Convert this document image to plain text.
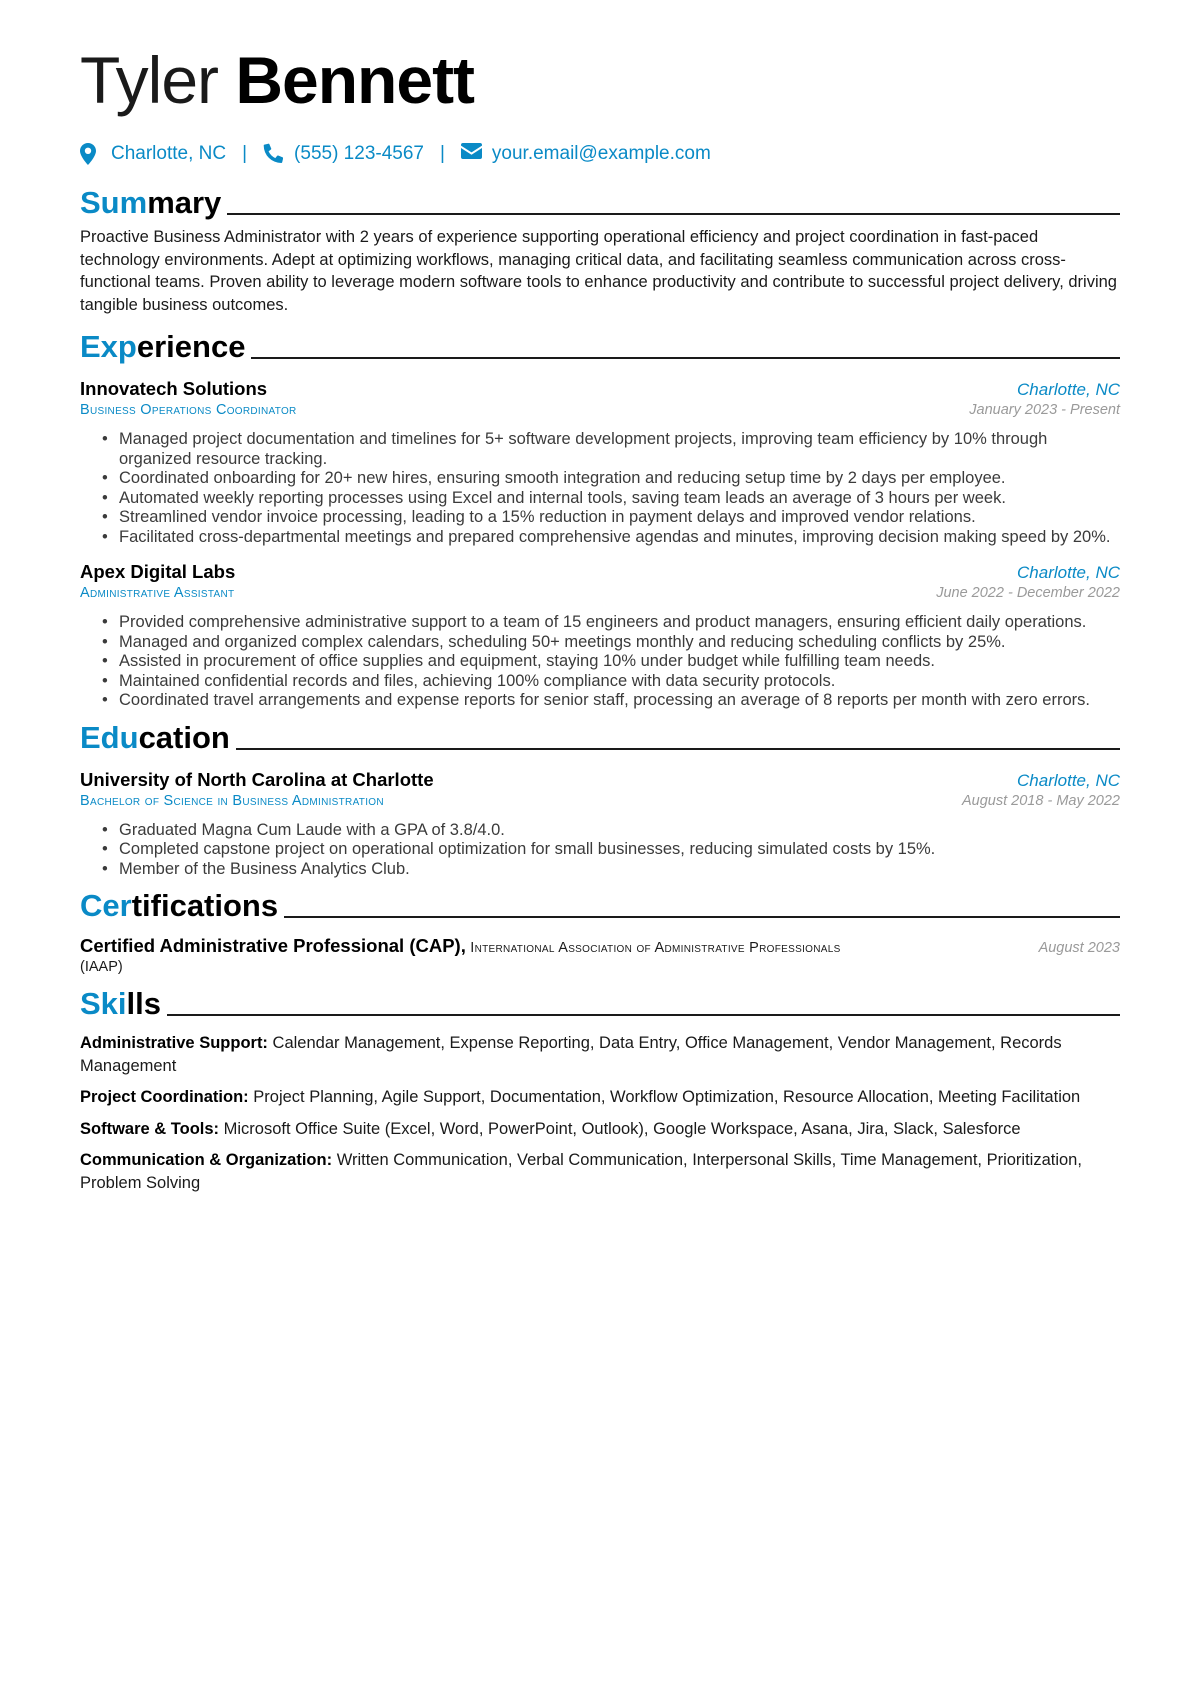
Tyler Bennett
Charlotte, NC | (555) 123-4567 | your.email@example.com
Summary

Proactive Business Administrator with 2 years of experience supporting operational efficiency and project coordination in fast-paced technology environments. Adept at optimizing workflows, managing critical data, and facilitating seamless communication across cross-functional teams. Proven ability to leverage modern software tools to enhance productivity and contribute to successful project delivery, driving tangible business outcomes.

Experience
Innovatech Solutions	Charlotte, NC
Business Operations Coordinator	January 2023 - Present
• Managed project documentation and timelines for 5+ software development projects, improving team efficiency by 10% through organized resource tracking.
• Coordinated onboarding for 20+ new hires, ensuring smooth integration and reducing setup time by 2 days per employee.
• Automated weekly reporting processes using Excel and internal tools, saving team leads an average of 3 hours per week.
• Streamlined vendor invoice processing, leading to a 15% reduction in payment delays and improved vendor relations.
• Facilitated cross-departmental meetings and prepared comprehensive agendas and minutes, improving decision making speed by 20%.
Apex Digital Labs	Charlotte, NC
Administrative Assistant	June 2022 - December 2022
• Provided comprehensive administrative support to a team of 15 engineers and product managers, ensuring efficient daily operations.
• Managed and organized complex calendars, scheduling 50+ meetings monthly and reducing scheduling conflicts by 25%.
• Assisted in procurement of office supplies and equipment, staying 10% under budget while fulfilling team needs.
• Maintained confidential records and files, achieving 100% compliance with data security protocols.
• Coordinated travel arrangements and expense reports for senior staff, processing an average of 8 reports per month with zero errors.
Education
University of North Carolina at Charlotte	Charlotte, NC
Bachelor of Science in Business Administration	August 2018 - May 2022
• Graduated Magna Cum Laude with a GPA of 3.8/4.0.
• Completed capstone project on operational optimization for small businesses, reducing simulated costs by 15%.
• Member of the Business Analytics Club.
Certifications
Certified Administrative Professional (CAP), International Association of Administrative Professionals	August 2023
(IAAP)
Skills
Administrative Support: Calendar Management, Expense Reporting, Data Entry, Office Management, Vendor Management, Records Management
Project Coordination: Project Planning, Agile Support, Documentation, Workflow Optimization, Resource Allocation, Meeting Facilitation
Software & Tools: Microsoft Office Suite (Excel, Word, PowerPoint, Outlook), Google Workspace, Asana, Jira, Slack, Salesforce
Communication & Organization: Written Communication, Verbal Communication, Interpersonal Skills, Time Management, Prioritization, Problem Solving
